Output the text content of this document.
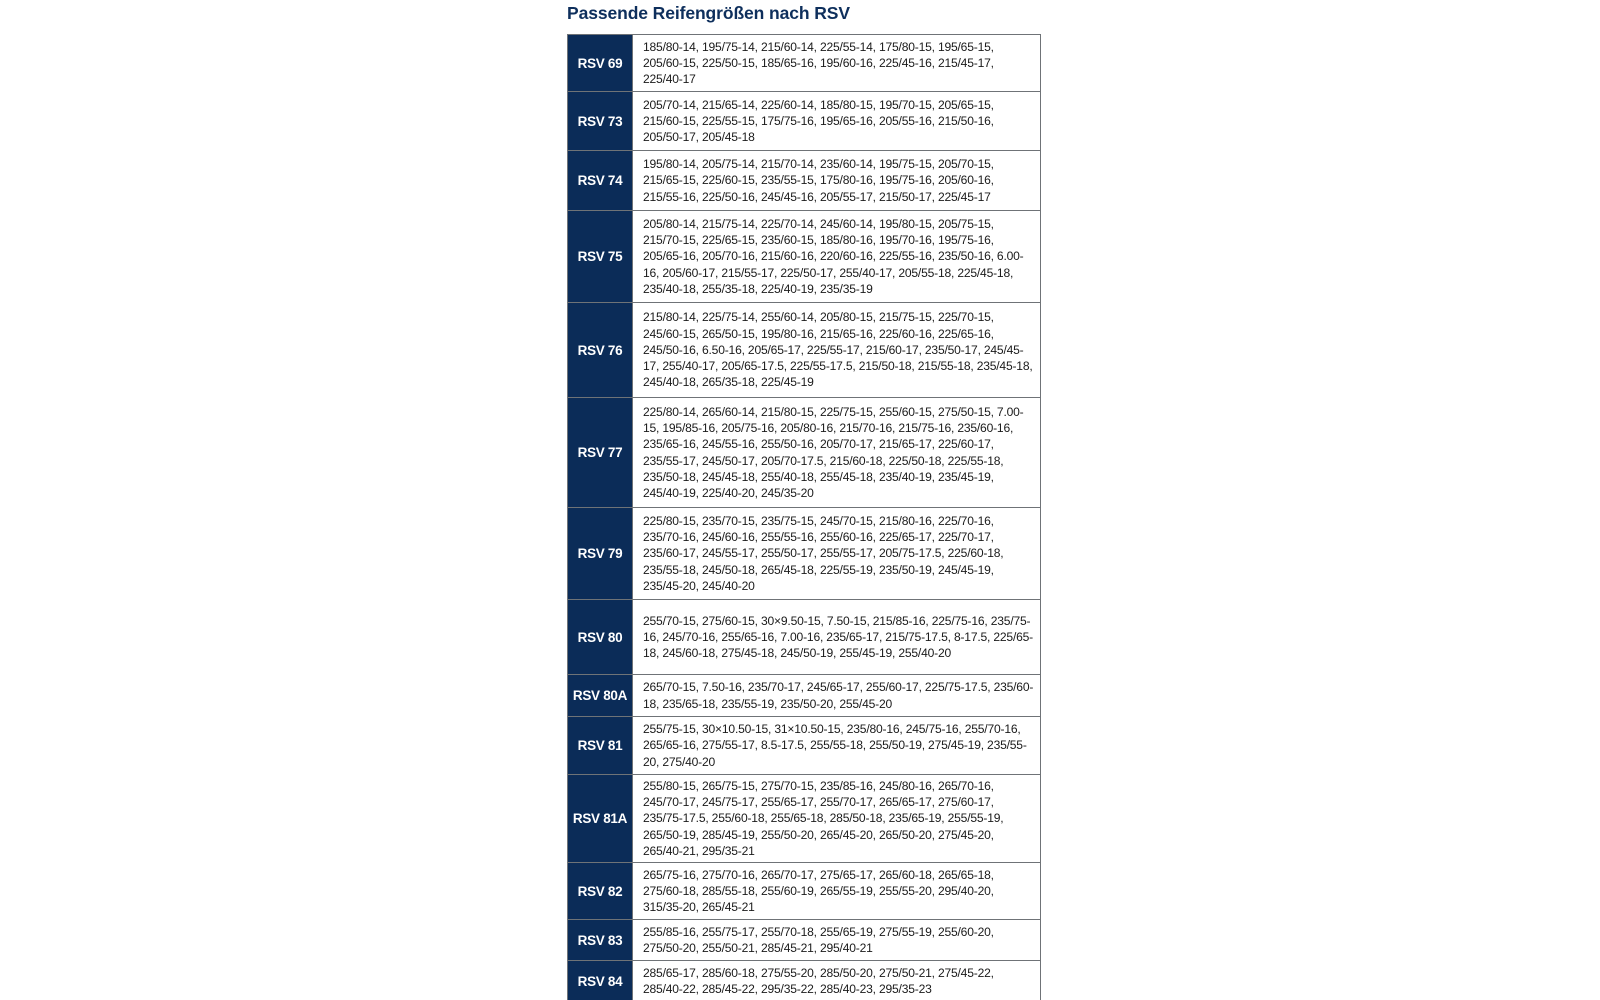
Passende Reifengrößen nach RSV
RSV 69	185/80-14, 195/75-14, 215/60-14, 225/55-14, 175/80-15, 195/65-15, 205/60-15, 225/50-15, 185/65-16, 195/60-16, 225/45-16, 215/45-17, 225/40-17
RSV 73	205/70-14, 215/65-14, 225/60-14, 185/80-15, 195/70-15, 205/65-15, 215/60-15, 225/55-15, 175/75-16, 195/65-16, 205/55-16, 215/50-16, 205/50-17, 205/45-18
RSV 74	195/80-14, 205/75-14, 215/70-14, 235/60-14, 195/75-15, 205/70-15, 215/65-15, 225/60-15, 235/55-15, 175/80-16, 195/75-16, 205/60-16, 215/55-16, 225/50-16, 245/45-16, 205/55-17, 215/50-17, 225/45-17
RSV 75	205/80-14, 215/75-14, 225/70-14, 245/60-14, 195/80-15, 205/75-15, 215/70-15, 225/65-15, 235/60-15, 185/80-16, 195/70-16, 195/75-16, 205/65-16, 205/70-16, 215/60-16, 220/60-16, 225/55-16, 235/50-16, 6.00-16, 205/60-17, 215/55-17, 225/50-17, 255/40-17, 205/55-18, 225/45-18, 235/40-18, 255/35-18, 225/40-19, 235/35-19
RSV 76	215/80-14, 225/75-14, 255/60-14, 205/80-15, 215/75-15, 225/70-15, 245/60-15, 265/50-15, 195/80-16, 215/65-16, 225/60-16, 225/65-16, 245/50-16, 6.50-16, 205/65-17, 225/55-17, 215/60-17, 235/50-17, 245/45-17, 255/40-17, 205/65-17.5, 225/55-17.5, 215/50-18, 215/55-18, 235/45-18, 245/40-18, 265/35-18, 225/45-19
RSV 77	225/80-14, 265/60-14, 215/80-15, 225/75-15, 255/60-15, 275/50-15, 7.00-15, 195/85-16, 205/75-16, 205/80-16, 215/70-16, 215/75-16, 235/60-16, 235/65-16, 245/55-16, 255/50-16, 205/70-17, 215/65-17, 225/60-17, 235/55-17, 245/50-17, 205/70-17.5, 215/60-18, 225/50-18, 225/55-18, 235/50-18, 245/45-18, 255/40-18, 255/45-18, 235/40-19, 235/45-19, 245/40-19, 225/40-20, 245/35-20
RSV 79	225/80-15, 235/70-15, 235/75-15, 245/70-15, 215/80-16, 225/70-16, 235/70-16, 245/60-16, 255/55-16, 255/60-16, 225/65-17, 225/70-17, 235/60-17, 245/55-17, 255/50-17, 255/55-17, 205/75-17.5, 225/60-18, 235/55-18, 245/50-18, 265/45-18, 225/55-19, 235/50-19, 245/45-19, 235/45-20, 245/40-20
RSV 80	255/70-15, 275/60-15, 30×9.50-15, 7.50-15, 215/85-16, 225/75-16, 235/75-16, 245/70-16, 255/65-16, 7.00-16, 235/65-17, 215/75-17.5, 8-17.5, 225/65-18, 245/60-18, 275/45-18, 245/50-19, 255/45-19, 255/40-20
RSV 80A	265/70-15, 7.50-16, 235/70-17, 245/65-17, 255/60-17, 225/75-17.5, 235/60-18, 235/65-18, 235/55-19, 235/50-20, 255/45-20
RSV 81	255/75-15, 30×10.50-15, 31×10.50-15, 235/80-16, 245/75-16, 255/70-16, 265/65-16, 275/55-17, 8.5-17.5, 255/55-18, 255/50-19, 275/45-19, 235/55-20, 275/40-20
RSV 81A	255/80-15, 265/75-15, 275/70-15, 235/85-16, 245/80-16, 265/70-16, 245/70-17, 245/75-17, 255/65-17, 255/70-17, 265/65-17, 275/60-17, 235/75-17.5, 255/60-18, 255/65-18, 285/50-18, 235/65-19, 255/55-19, 265/50-19, 285/45-19, 255/50-20, 265/45-20, 265/50-20, 275/45-20, 265/40-21, 295/35-21
RSV 82	265/75-16, 275/70-16, 265/70-17, 275/65-17, 265/60-18, 265/65-18, 275/60-18, 285/55-18, 255/60-19, 265/55-19, 255/55-20, 295/40-20, 315/35-20, 265/45-21
RSV 83	255/85-16, 255/75-17, 255/70-18, 255/65-19, 275/55-19, 255/60-20, 275/50-20, 255/50-21, 285/45-21, 295/40-21
RSV 84	285/65-17, 285/60-18, 275/55-20, 285/50-20, 275/50-21, 275/45-22, 285/40-22, 285/45-22, 295/35-22, 285/40-23, 295/35-23
